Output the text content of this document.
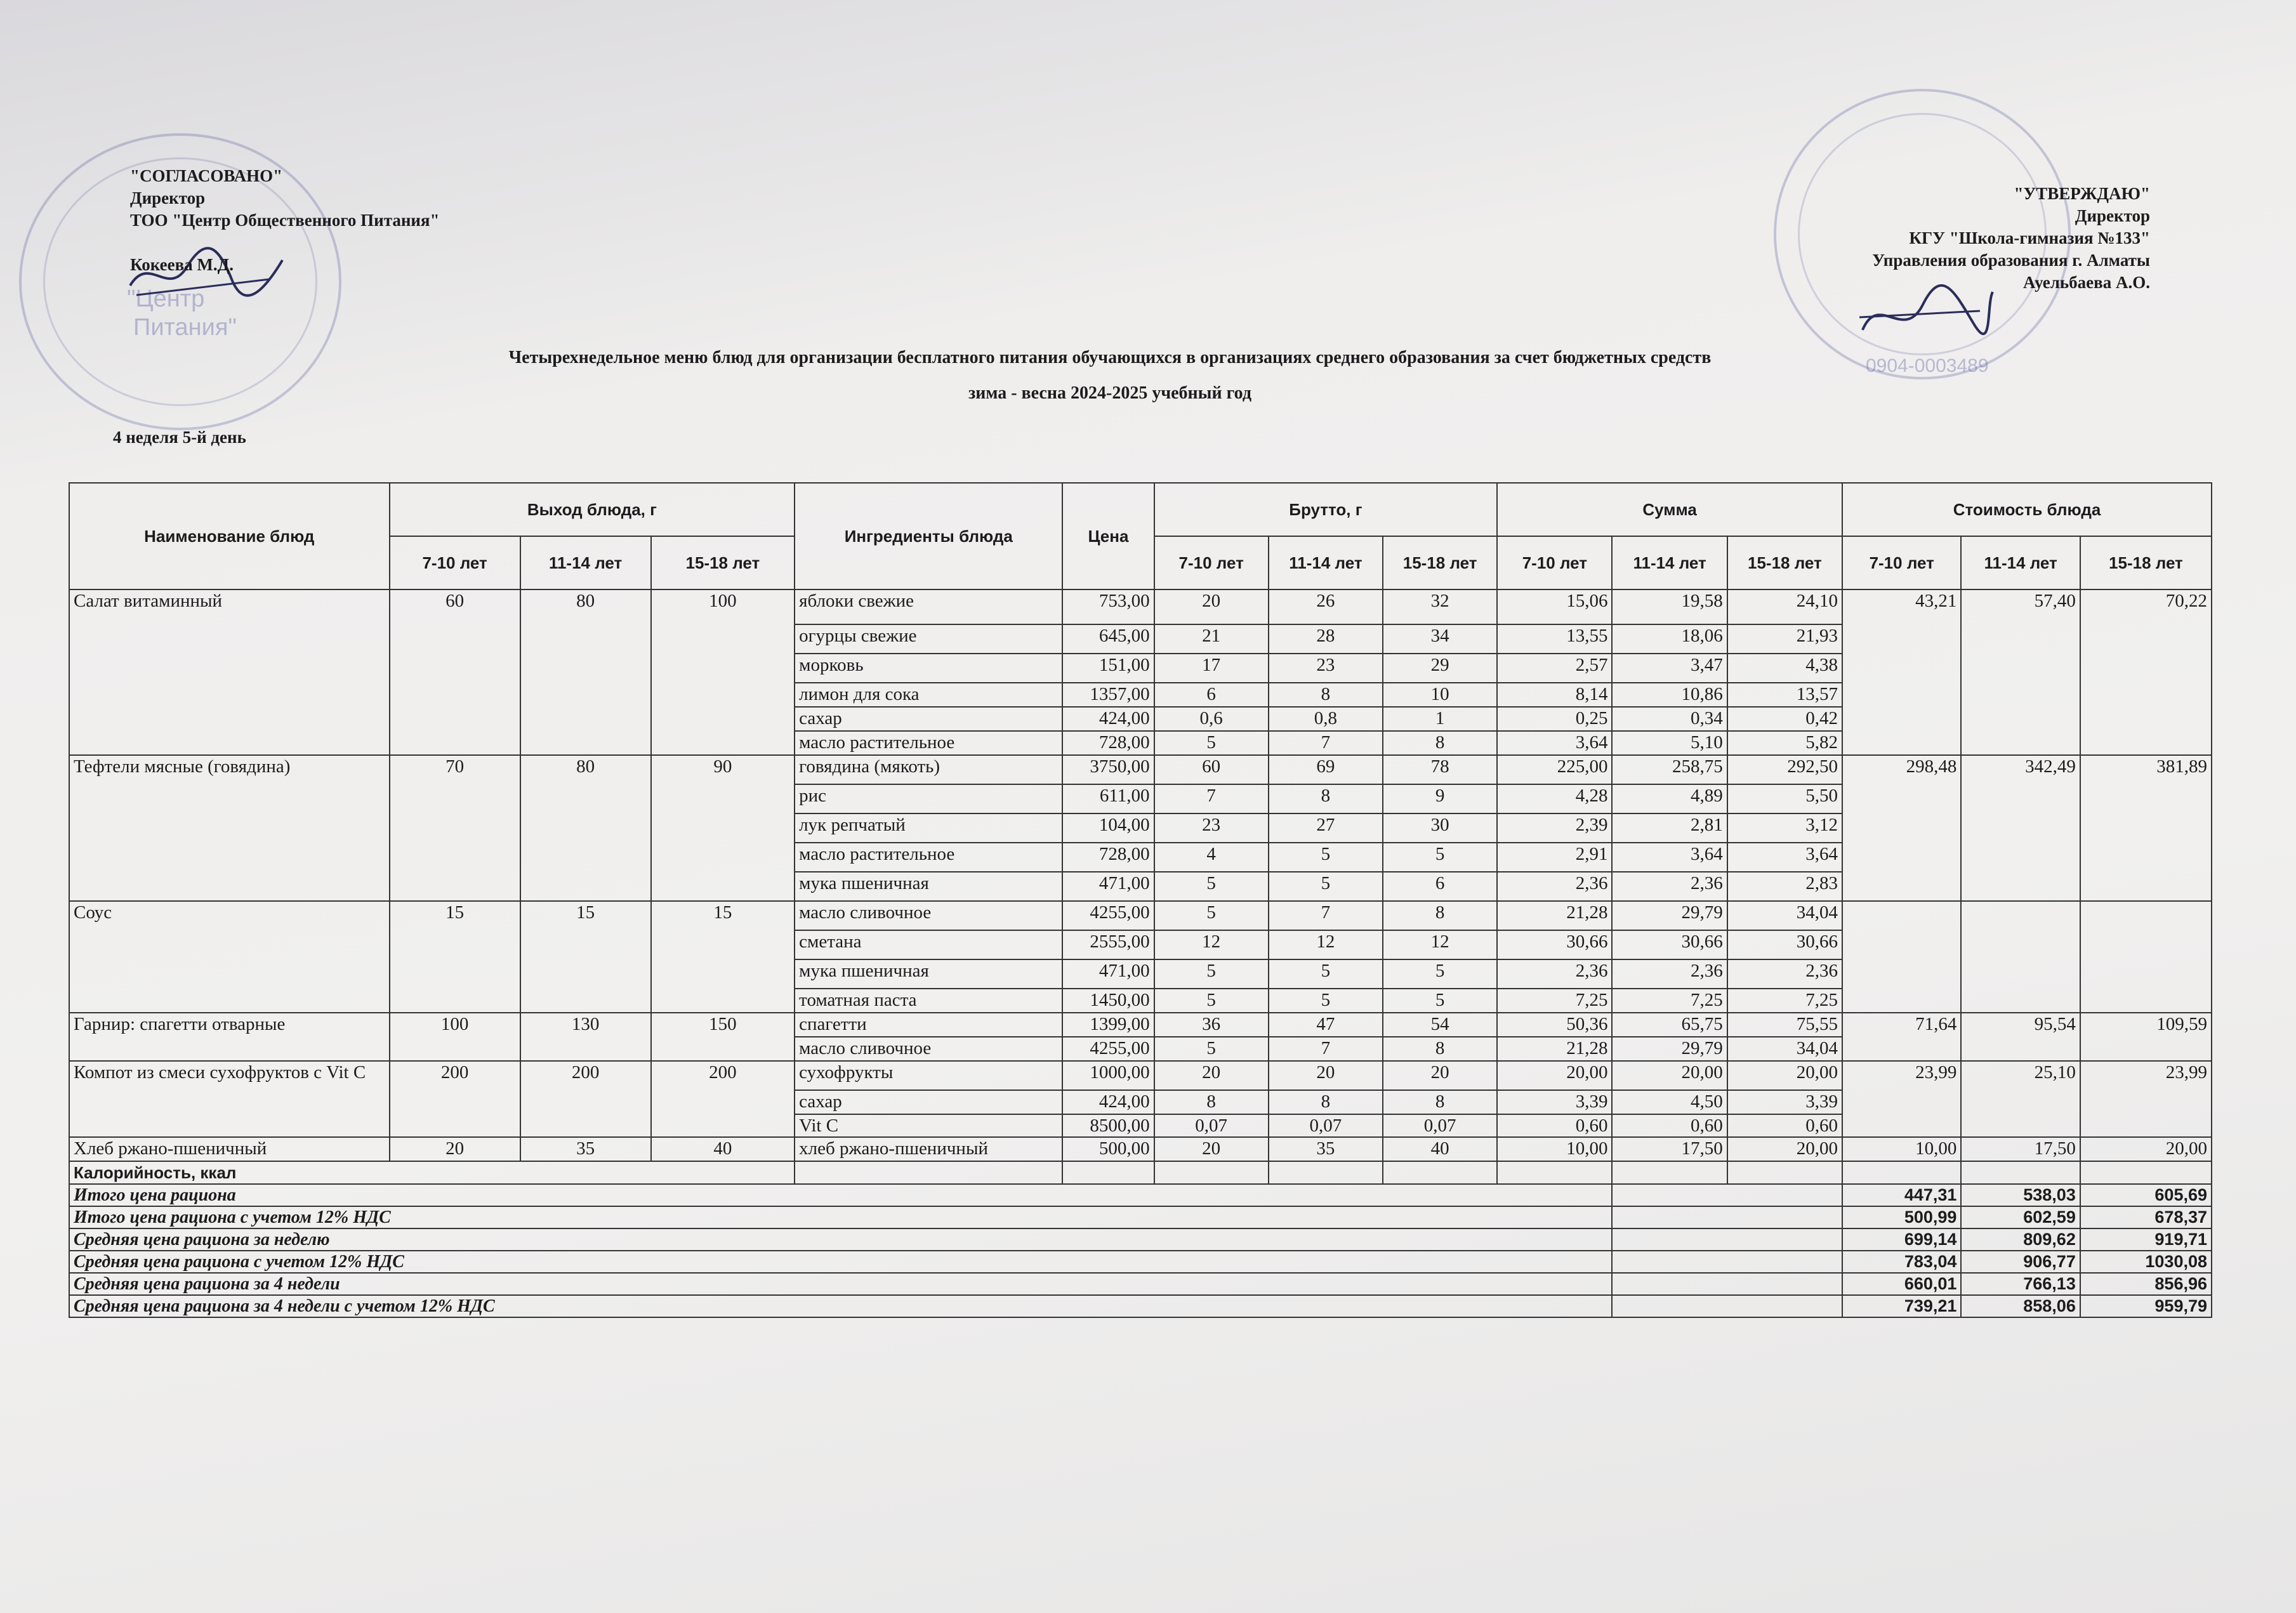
"Центр
Питания"
0904-0003489
"СОГЛАСОВАНО"
Директор
ТОО "Центр Общественного Питания"
Кокеева М.Д.
"УТВЕРЖДАЮ"
Директор
КГУ "Школа-гимназия №133"
Управления образования г. Алматы
Ауельбаева А.О.
Четырехнедельное меню блюд для организации бесплатного питания обучающихся в организациях среднего образования за счет бюджетных средств
зима - весна 2024-2025 учебный год
4 неделя 5-й день
Наименование блюд	Выход блюда, г			Ингредиенты блюда	Цена	Брутто, г			Сумма			Стоимость блюда		
	7-10 лет	11-14 лет	15-18 лет			7-10 лет	11-14 лет	15-18 лет	7-10 лет	11-14 лет	15-18 лет	7-10 лет	11-14 лет	15-18 лет
Салат витаминный	60	80	100	яблоки свежие	753,00	20	26	32	15,06	19,58	24,10	43,21	57,40	70,22
				огурцы свежие	645,00	21	28	34	13,55	18,06	21,93			
				морковь	151,00	17	23	29	2,57	3,47	4,38			
				лимон для сока	1357,00	6	8	10	8,14	10,86	13,57			
				сахар	424,00	0,6	0,8	1	0,25	0,34	0,42			
				масло растительное	728,00	5	7	8	3,64	5,10	5,82			
Тефтели мясные (говядина)	70	80	90	говядина (мякоть)	3750,00	60	69	78	225,00	258,75	292,50	298,48	342,49	381,89
				рис	611,00	7	8	9	4,28	4,89	5,50			
				лук репчатый	104,00	23	27	30	2,39	2,81	3,12			
				масло растительное	728,00	4	5	5	2,91	3,64	3,64			
				мука пшеничная	471,00	5	5	6	2,36	2,36	2,83			
Соус	15	15	15	масло сливочное	4255,00	5	7	8	21,28	29,79	34,04			
				сметана	2555,00	12	12	12	30,66	30,66	30,66			
				мука пшеничная	471,00	5	5	5	2,36	2,36	2,36			
				томатная паста	1450,00	5	5	5	7,25	7,25	7,25			
Гарнир: спагетти отварные	100	130	150	спагетти	1399,00	36	47	54	50,36	65,75	75,55	71,64	95,54	109,59
				масло сливочное	4255,00	5	7	8	21,28	29,79	34,04			
Компот из смеси сухофруктов с Vit C	200	200	200	сухофрукты	1000,00	20	20	20	20,00	20,00	20,00	23,99	25,10	23,99
				сахар	424,00	8	8	8	3,39	4,50	3,39			
				Vit C	8500,00	0,07	0,07	0,07	0,60	0,60	0,60			
Хлеб ржано-пшеничный	20	35	40	хлеб ржано-пшеничный	500,00	20	35	40	10,00	17,50	20,00	10,00	17,50	20,00
Калорийность, ккал														
Итого цена рациона												447,31	538,03	605,69
Итого цена рациона с учетом 12% НДС												500,99	602,59	678,37
Средняя цена рациона за неделю												699,14	809,62	919,71
Средняя цена рациона с учетом 12% НДС												783,04	906,77	1030,08
Средняя цена рациона за 4 недели												660,01	766,13	856,96
Средняя цена рациона за 4 недели с учетом 12% НДС												739,21	858,06	959,79
